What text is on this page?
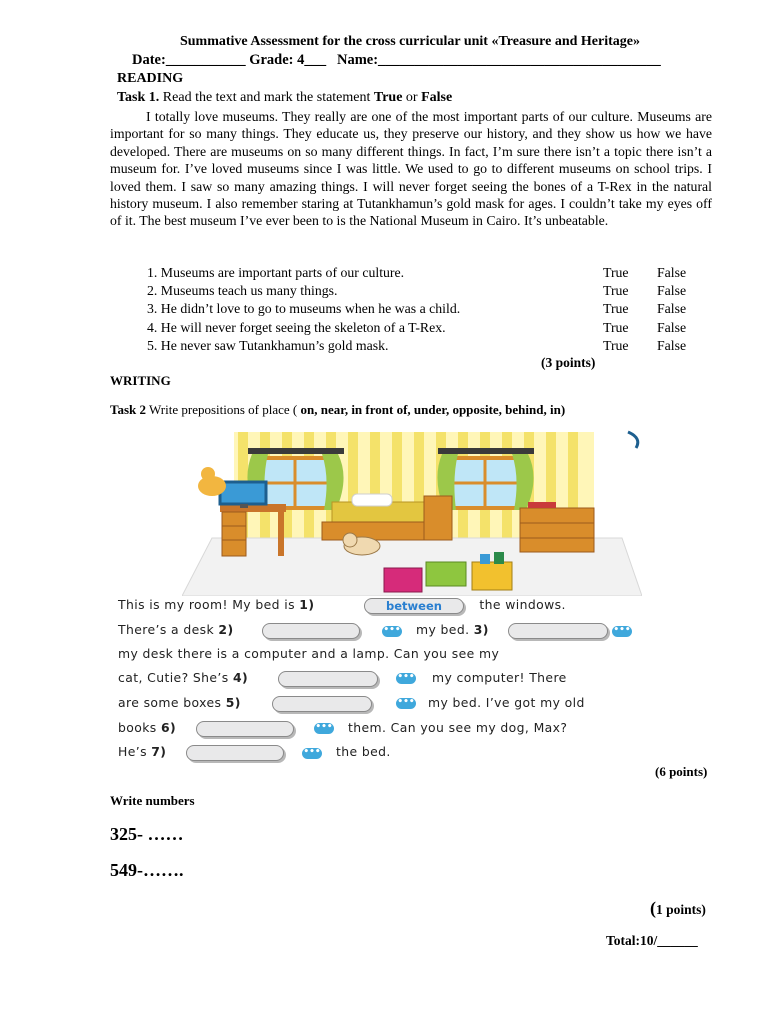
Summative Assessment for the cross curricular unit «Treasure and Heritage»
Date:___________ Grade: 4___   Name:_______________________________________
READING
Task 1. Read the text and mark the statement True or False
I totally love museums. They really are one of the most important parts of our culture. Museums are important for so many things. They educate us, they preserve our history, and they show us how we have developed. There are museums on so many different things. In fact, I’m sure there isn’t a topic there isn’t a museum for. I’ve loved museums since I was little. We used to go to different museums on school trips. I loved them. I saw so many amazing things. I will never forget seeing the bones of a T-Rex in the natural history museum. I also remember staring at Tutankhamun’s gold mask for ages. I couldn’t take my eyes off of it. The best museum I’ve ever been to is the National Museum in Cairo. It’s unbeatable.
1. Museums are important parts of our culture.	True False
2. Museums teach us many things.	True False
3. He didn’t love to go to museums when he was a child.	True False
4. He will never forget seeing the skeleton of a T-Rex.	True False
5. He never saw Tutankhamun’s gold mask.	True False
(3 points)
WRITING
Task 2 Write prepositions of place ( on, near, in front of, under, opposite, behind, in)
This is my room! My bed is 1)	between	the windows.
There’s a desk 2)	••• my bed. 3)	•••
my desk there is a computer and a lamp. Can you see my
cat, Cutie? She’s 4)	••• my computer! There
are some boxes 5)	••• my bed. I’ve got my old
books 6)	••• them. Can you see my dog, Max?
He’s 7)	••• the bed.
(6 points)
Write numbers
325- ……
549-…….
(1 points)
Total:10/______
